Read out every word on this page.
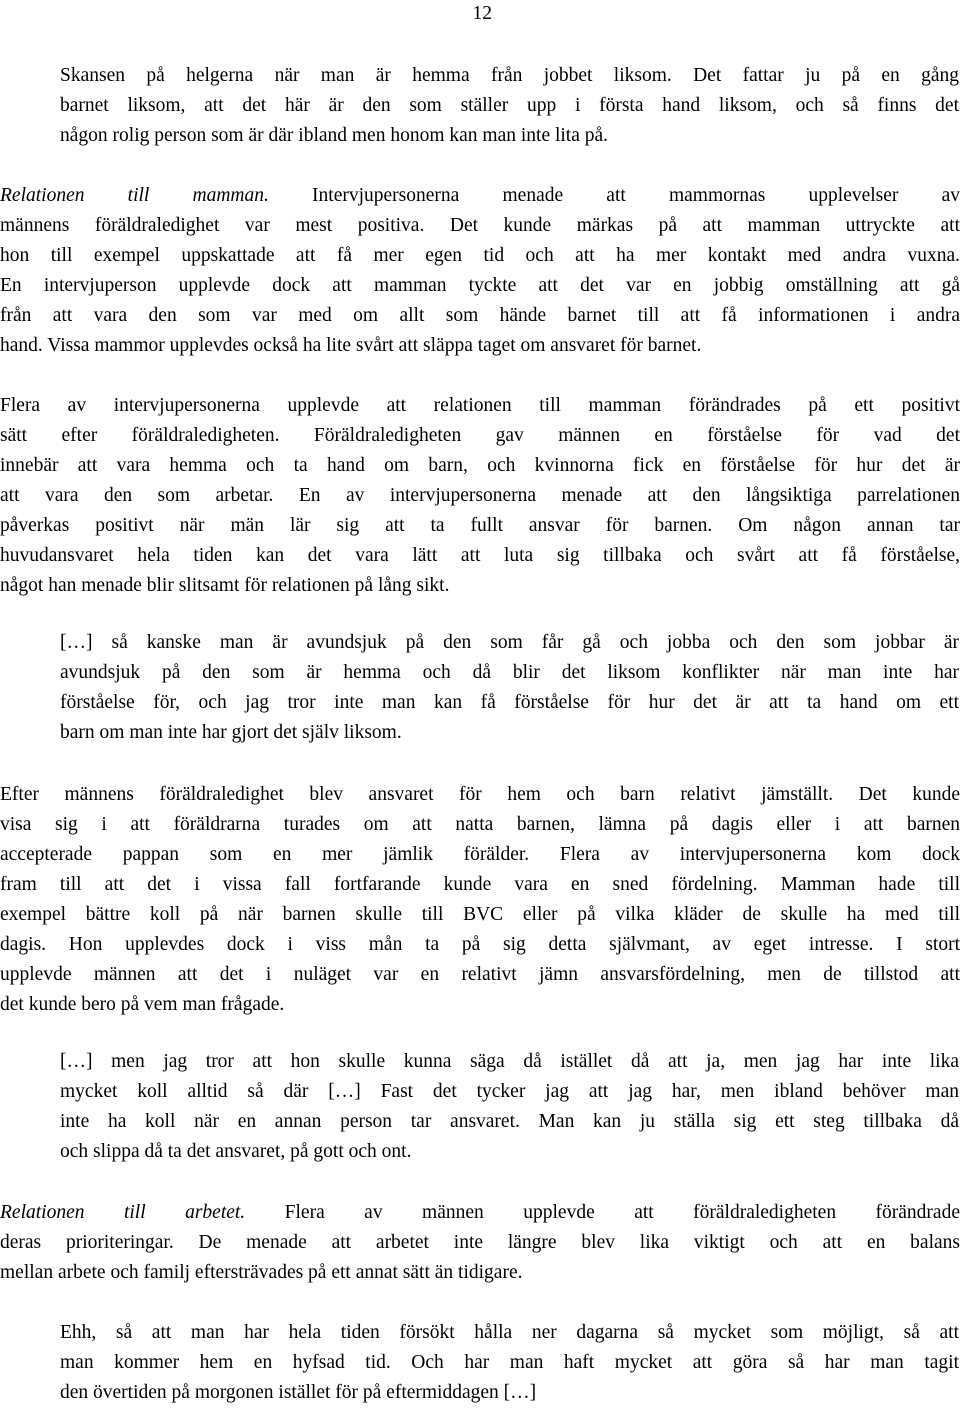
12
Skansen på helgerna när man är hemma från jobbet liksom. Det fattar ju på en gång
barnet liksom, att det här är den som ställer upp i första hand liksom, och så finns det
någon rolig person som är där ibland men honom kan man inte lita på.
Relationen till mamman. Intervjupersonerna menade att mammornas upplevelser av
männens föräldraledighet var mest positiva. Det kunde märkas på att mamman uttryckte att
hon till exempel uppskattade att få mer egen tid och att ha mer kontakt med andra vuxna.
En intervjuperson upplevde dock att mamman tyckte att det var en jobbig omställning att gå
från att vara den som var med om allt som hände barnet till att få informationen i andra
hand. Vissa mammor upplevdes också ha lite svårt att släppa taget om ansvaret för barnet.
Flera av intervjupersonerna upplevde att relationen till mamman förändrades på ett positivt
sätt efter föräldraledigheten. Föräldraledigheten gav männen en förståelse för vad det
innebär att vara hemma och ta hand om barn, och kvinnorna fick en förståelse för hur det är
att vara den som arbetar. En av intervjupersonerna menade att den långsiktiga parrelationen
påverkas positivt när män lär sig att ta fullt ansvar för barnen. Om någon annan tar
huvudansvaret hela tiden kan det vara lätt att luta sig tillbaka och svårt att få förståelse,
något han menade blir slitsamt för relationen på lång sikt.
[…] så kanske man är avundsjuk på den som får gå och jobba och den som jobbar är
avundsjuk på den som är hemma och då blir det liksom konflikter när man inte har
förståelse för, och jag tror inte man kan få förståelse för hur det är att ta hand om ett
barn om man inte har gjort det själv liksom.
Efter männens föräldraledighet blev ansvaret för hem och barn relativt jämställt. Det kunde
visa sig i att föräldrarna turades om att natta barnen, lämna på dagis eller i att barnen
accepterade pappan som en mer jämlik förälder. Flera av intervjupersonerna kom dock
fram till att det i vissa fall fortfarande kunde vara en sned fördelning. Mamman hade till
exempel bättre koll på när barnen skulle till BVC eller på vilka kläder de skulle ha med till
dagis. Hon upplevdes dock i viss mån ta på sig detta självmant, av eget intresse. I stort
upplevde männen att det i nuläget var en relativt jämn ansvarsfördelning, men de tillstod att
det kunde bero på vem man frågade.
[…] men jag tror att hon skulle kunna säga då istället då att ja, men jag har inte lika
mycket koll alltid så där […] Fast det tycker jag att jag har, men ibland behöver man
inte ha koll när en annan person tar ansvaret. Man kan ju ställa sig ett steg tillbaka då
och slippa då ta det ansvaret, på gott och ont.
Relationen till arbetet. Flera av männen upplevde att föräldraledigheten förändrade
deras prioriteringar. De menade att arbetet inte längre blev lika viktigt och att en balans
mellan arbete och familj eftersträvades på ett annat sätt än tidigare.
Ehh, så att man har hela tiden försökt hålla ner dagarna så mycket som möjligt, så att
man kommer hem en hyfsad tid. Och har man haft mycket att göra så har man tagit
den övertiden på morgonen istället för på eftermiddagen […]
